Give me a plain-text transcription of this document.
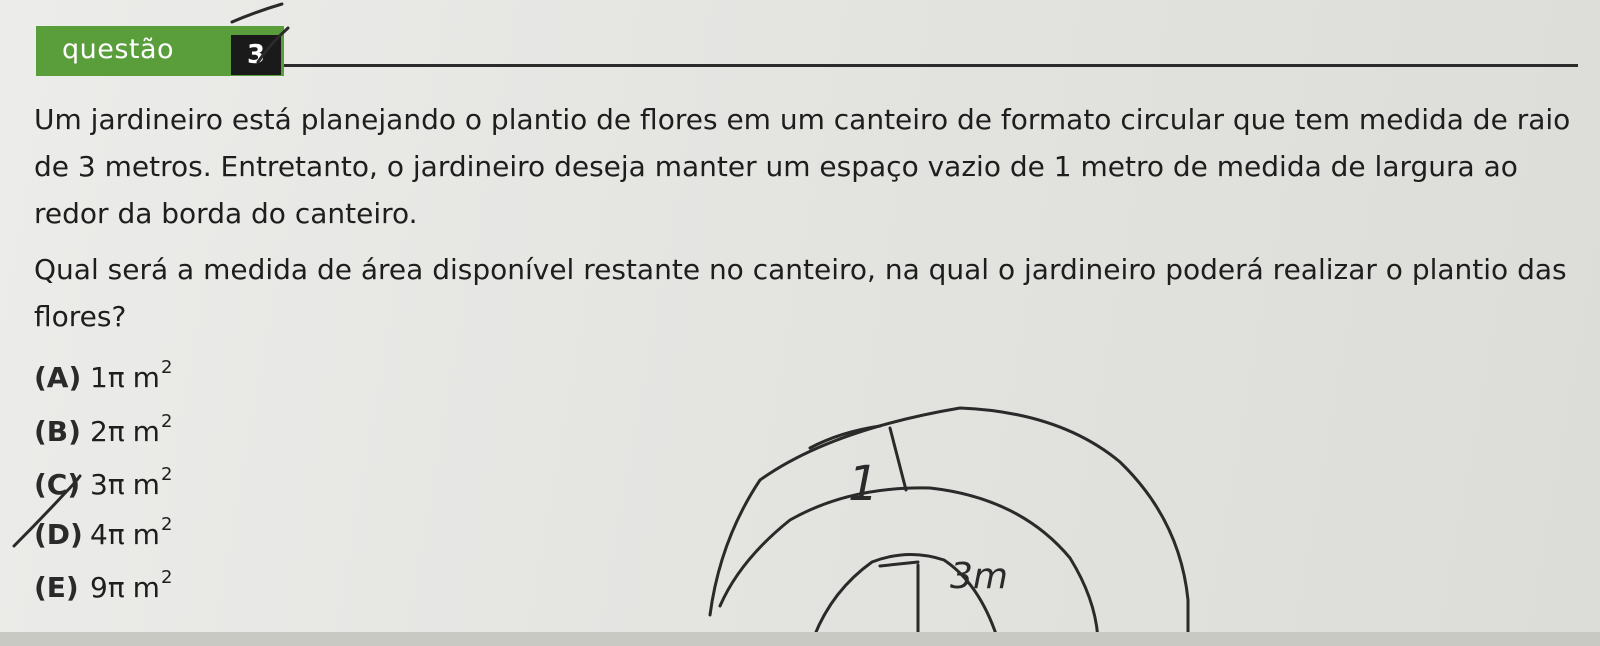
questão	3

Um jardineiro está planejando o plantio de flores em um canteiro de formato circular que tem medida de raio de 3 metros. Entretanto, o jardineiro deseja manter um espaço vazio de 1 metro de medida de largura ao redor da borda do canteiro.

Qual será a medida de área disponível restante no canteiro, na qual o jardineiro poderá realizar o plantio das flores?

(A) 1π $m^2$
(B) 2π $m^2$
(C) 3π $m^2$
(D) 4π $m^2$
(E) 9π $m^2$
1
3m
